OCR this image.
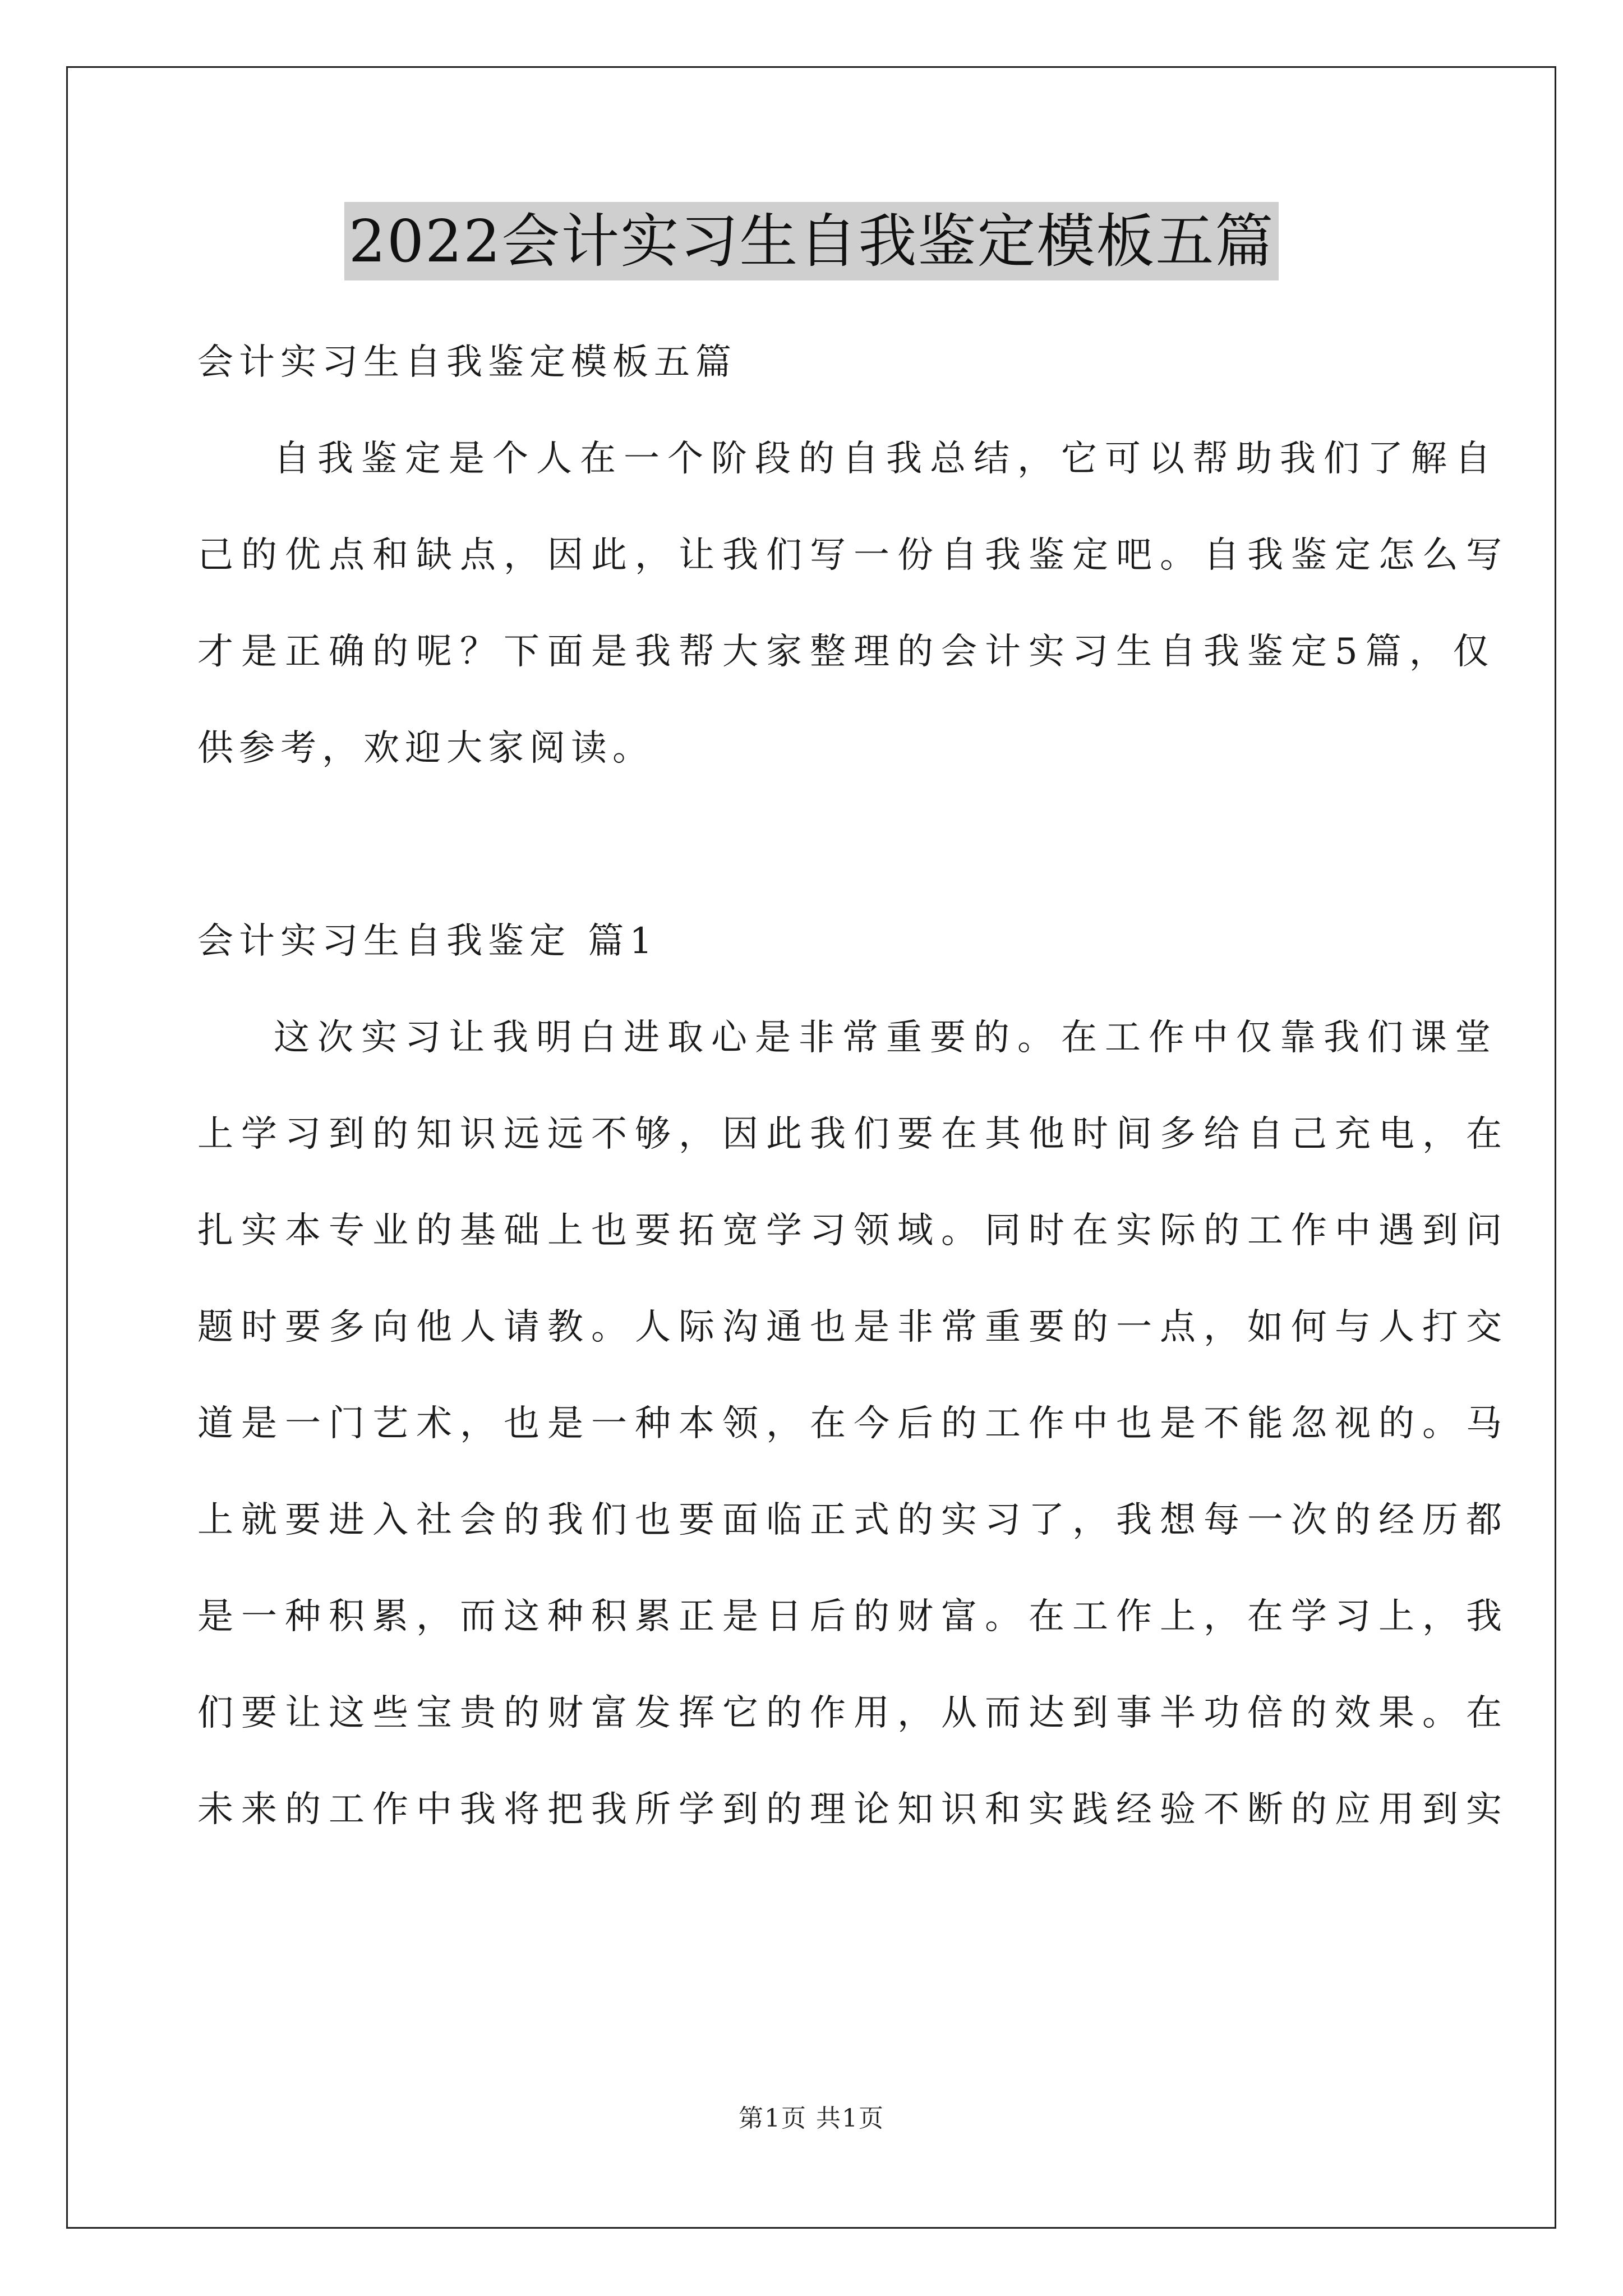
2022会计实习生自我鉴定模板五篇
会计实习生自我鉴定模板五篇
自我鉴定是个人在一个阶段的自我总结，它可以帮助我们了解自
己的优点和缺点，因此，让我们写一份自我鉴定吧。自我鉴定怎么写
才是正确的呢？下面是我帮大家整理的会计实习生自我鉴定5篇，仅
供参考，欢迎大家阅读。
会计实习生自我鉴定 篇1
这次实习让我明白进取心是非常重要的。在工作中仅靠我们课堂
上学习到的知识远远不够，因此我们要在其他时间多给自己充电，在
扎实本专业的基础上也要拓宽学习领域。同时在实际的工作中遇到问
题时要多向他人请教。人际沟通也是非常重要的一点，如何与人打交
道是一门艺术，也是一种本领，在今后的工作中也是不能忽视的。马
上就要进入社会的我们也要面临正式的实习了，我想每一次的经历都
是一种积累，而这种积累正是日后的财富。在工作上，在学习上，我
们要让这些宝贵的财富发挥它的作用，从而达到事半功倍的效果。在
未来的工作中我将把我所学到的理论知识和实践经验不断的应用到实
第1页 共1页
